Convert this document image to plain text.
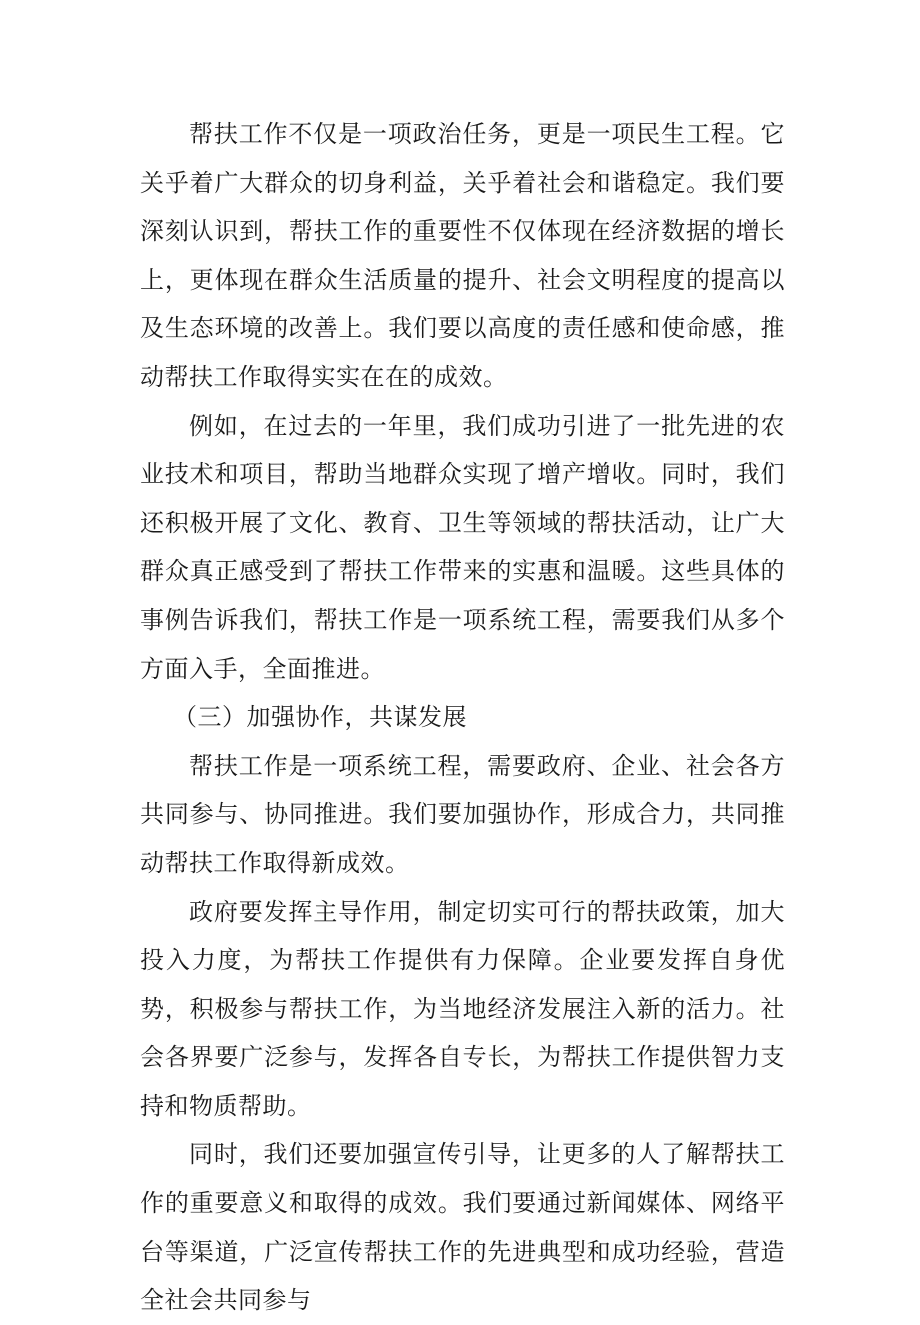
帮扶工作不仅是一项政治任务，更是一项民生工程。它关乎着广大群众的切身利益，关乎着社会和谐稳定。我们要深刻认识到，帮扶工作的重要性不仅体现在经济数据的增长上，更体现在群众生活质量的提升、社会文明程度的提高以及生态环境的改善上。我们要以高度的责任感和使命感，推动帮扶工作取得实实在在的成效。

例如，在过去的一年里，我们成功引进了一批先进的农业技术和项目，帮助当地群众实现了增产增收。同时，我们还积极开展了文化、教育、卫生等领域的帮扶活动，让广大群众真正感受到了帮扶工作带来的实惠和温暖。这些具体的事例告诉我们，帮扶工作是一项系统工程，需要我们从多个方面入手，全面推进。

（三）加强协作，共谋发展

帮扶工作是一项系统工程，需要政府、企业、社会各方共同参与、协同推进。我们要加强协作，形成合力，共同推动帮扶工作取得新成效。

政府要发挥主导作用，制定切实可行的帮扶政策，加大投入力度，为帮扶工作提供有力保障。企业要发挥自身优势，积极参与帮扶工作，为当地经济发展注入新的活力。社会各界要广泛参与，发挥各自专长，为帮扶工作提供智力支持和物质帮助。

同时，我们还要加强宣传引导，让更多的人了解帮扶工作的重要意义和取得的成效。我们要通过新闻媒体、网络平台等渠道，广泛宣传帮扶工作的先进典型和成功经验，营造全社会共同参与
